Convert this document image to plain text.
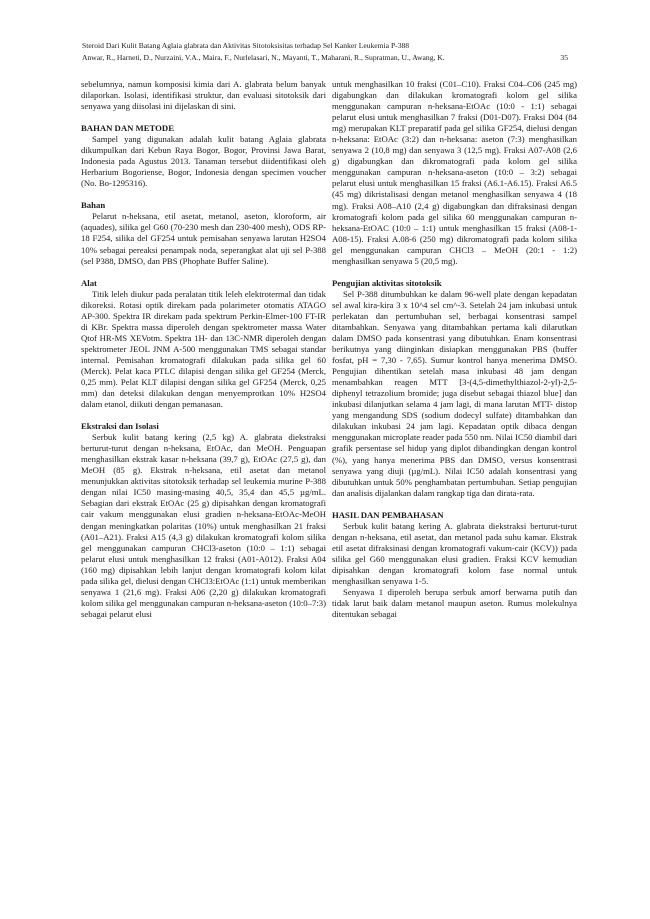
Steroid Dari Kulit Batang Aglaia glabrata dan Aktivitas Sitotoksisitas terhadap Sel Kanker Leukemia P-388
Anwar, R., Harneti, D., Nurzaini, V.A., Maira, F., Nurlelasari, N., Mayanti, T., Maharani, R., Supratman, U., Awang, K.	35

sebelumnya, namun komposisi kimia dari A. glabrata belum banyak dilaporkan. Isolasi, identifikasi struktur, dan evaluasi sitotoksik dari senyawa yang diisolasi ini dijelaskan di sini.

BAHAN DAN METODE

Sampel yang digunakan adalah kulit batang Aglaia glabrata dikumpulkan dari Kebun Raya Bogor, Bogor, Provinsi Jawa Barat, Indonesia pada Agustus 2013. Tanaman tersebut diidentifikasi oleh Herbarium Bogoriense, Bogor, Indonesia dengan specimen voucher (No. Bo-1295316).

Bahan

Pelarut n-heksana, etil asetat, metanol, aseton, kloroform, air (aquades), silika gel G60 (70-230 mesh dan 230-400 mesh), ODS RP-18 F254, silika del GF254 untuk pemisahan senyawa larutan H2SO4 10% sebagai pereaksi penampak noda, seperangkat alat uji sel P-388 (sel P388, DMSO, dan PBS (Phophate Buffer Saline).

Alat

Titik leleh diukur pada peralatan titik leleh elektrotermal dan tidak dikoreksi. Rotasi optik direkam pada polarimeter otomatis ATAGO AP-300. Spektra IR direkam pada spektrum Perkin-Elmer-100 FT-IR di KBr. Spektra massa diperoleh dengan spektrometer massa Water Qtof HR-MS XEVotm. Spektra 1H- dan 13C-NMR diperoleh dengan spektrometer JEOL JNM A-500 menggunakan TMS sebagai standar internal. Pemisahan kromatografi dilakukan pada silika gel 60 (Merck). Pelat kaca PTLC dilapisi dengan silika gel GF254 (Merck, 0,25 mm). Pelat KLT dilapisi dengan silika gel GF254 (Merck, 0,25 mm) dan deteksi dilakukan dengan menyemprotkan 10% H2SO4 dalam etanol, diikuti dengan pemanasan.

Ekstraksi dan Isolasi

Serbuk kulit batang kering (2,5 kg) A. glabrata diekstraksi berturut-turut dengan n-heksana, EtOAc, dan MeOH. Penguapan menghasilkan ekstrak kasar n-heksana (39,7 g), EtOAc (27,5 g), dan MeOH (85 g). Ekstrak n-heksana, etil asetat dan metanol menunjukkan aktivitas sitotoksik terhadap sel leukemia murine P-388 dengan nilai IC50 masing-masing 40,5, 35,4 dan 45,5 µg/mL. Sebagian dari ekstrak EtOAc (25 g) dipisahkan dengan kromatografi cair vakum menggunakan elusi gradien n-heksana-EtOAc-MeOH dengan meningkatkan polaritas (10%) untuk menghasilkan 21 fraksi (A01–A21). Fraksi A15 (4,3 g) dilakukan kromatografi kolom silika gel menggunakan campuran CHCl3-aseton (10:0 – 1:1) sebagai pelarut elusi untuk menghasilkan 12 fraksi (A01-A012). Fraksi A04 (160 mg) dipisahkan lebih lanjut dengan kromatografi kolom kilat pada silika gel, dielusi dengan CHCl3:EtOAc (1:1) untuk memberikan senyawa 1 (21,6 mg). Fraksi A06 (2,20 g) dilakukan kromatografi kolom silika gel menggunakan campuran n-heksana-aseton (10:0–7:3) sebagai pelarut elusi

untuk menghasilkan 10 fraksi (C01–C10). Fraksi C04–C06 (245 mg) digabungkan dan dilakukan kromatografi kolom gel silika menggunakan campuran n-heksana-EtOAc (10:0 - 1:1) sebagai pelarut elusi untuk menghasilkan 7 fraksi (D01-D07). Fraksi D04 (84 mg) merupakan KLT preparatif pada gel silika GF254, dielusi dengan n-heksana: EtOAc (3:2) dan n-heksana: aseton (7:3) menghasilkan senyawa 2 (10,8 mg) dan senyawa 3 (12,5 mg). Fraksi A07-A08 (2,6 g) digabungkan dan dikromatografi pada kolom gel silika menggunakan campuran n-heksana-aseton (10:0 – 3:2) sebagai pelarut elusi untuk menghasilkan 15 fraksi (A6.1-A6.15). Fraksi A6.5 (45 mg) dikristalisasi dengan metanol menghasilkan senyawa 4 (18 mg). Fraksi A08–A10 (2,4 g) digabungkan dan difraksinasi dengan kromatografi kolom pada gel silika 60 menggunakan campuran n-heksana-EtOAC (10:0 – 1:1) untuk menghasilkan 15 fraksi (A08-1-A08-15). Fraksi A.08-6 (250 mg) dikromatografi pada kolom silika gel menggunakan campuran CHCl3 – MeOH (20:1 - 1:2) menghasilkan senyawa 5 (20,5 mg).

Pengujian aktivitas sitotoksik

Sel P-388 ditumbuhkan ke dalam 96-well plate dengan kepadatan sel awal kira-kira 3 x 10^4 sel cm^-3. Setelah 24 jam inkubasi untuk perlekatan dan pertumbuhan sel, berbagai konsentrasi sampel ditambahkan. Senyawa yang ditambahkan pertama kali dilarutkan dalam DMSO pada konsentrasi yang dibutuhkan. Enam konsentrasi berikutnya yang diinginkan disiapkan menggunakan PBS (buffer fosfat, pH = 7,30 - 7,65). Sumur kontrol hanya menerima DMSO. Pengujian dihentikan setelah masa inkubasi 48 jam dengan menambahkan reagen MTT [3-(4,5-dimethylthiazol-2-yl)-2,5-diphenyl tetrazolium bromide; juga disebut sebagai thiazol blue] dan inkubasi dilanjutkan selama 4 jam lagi, di mana larutan MTT- distop yang mengandung SDS (sodium dodecyl sulfate) ditambahkan dan dilakukan inkubasi 24 jam lagi. Kepadatan optik dibaca dengan menggunakan microplate reader pada 550 nm. Nilai IC50 diambil dari grafik persentase sel hidup yang diplot dibandingkan dengan kontrol (%), yang hanya menerima PBS dan DMSO, versus konsentrasi senyawa yang diuji (µg/mL). Nilai IC50 adalah konsentrasi yang dibutuhkan untuk 50% penghambatan pertumbuhan. Setiap pengujian dan analisis dijalankan dalam rangkap tiga dan dirata-rata.

HASIL DAN PEMBAHASAN

Serbuk kulit batang kering A. glabrata diekstraksi berturut-turut dengan n-heksana, etil asetat, dan metanol pada suhu kamar. Ekstrak etil asetat difraksinasi dengan kromatografi vakum-cair (KCV)) pada silika gel G60 menggunakan elusi gradien. Fraksi KCV kemudian dipisahkan dengan kromatografi kolom fase normal untuk menghasilkan senyawa 1-5.

Senyawa 1 diperoleh berupa serbuk amorf berwarna putih dan tidak larut baik dalam metanol maupun aseton. Rumus molekulnya ditentukan sebagai
